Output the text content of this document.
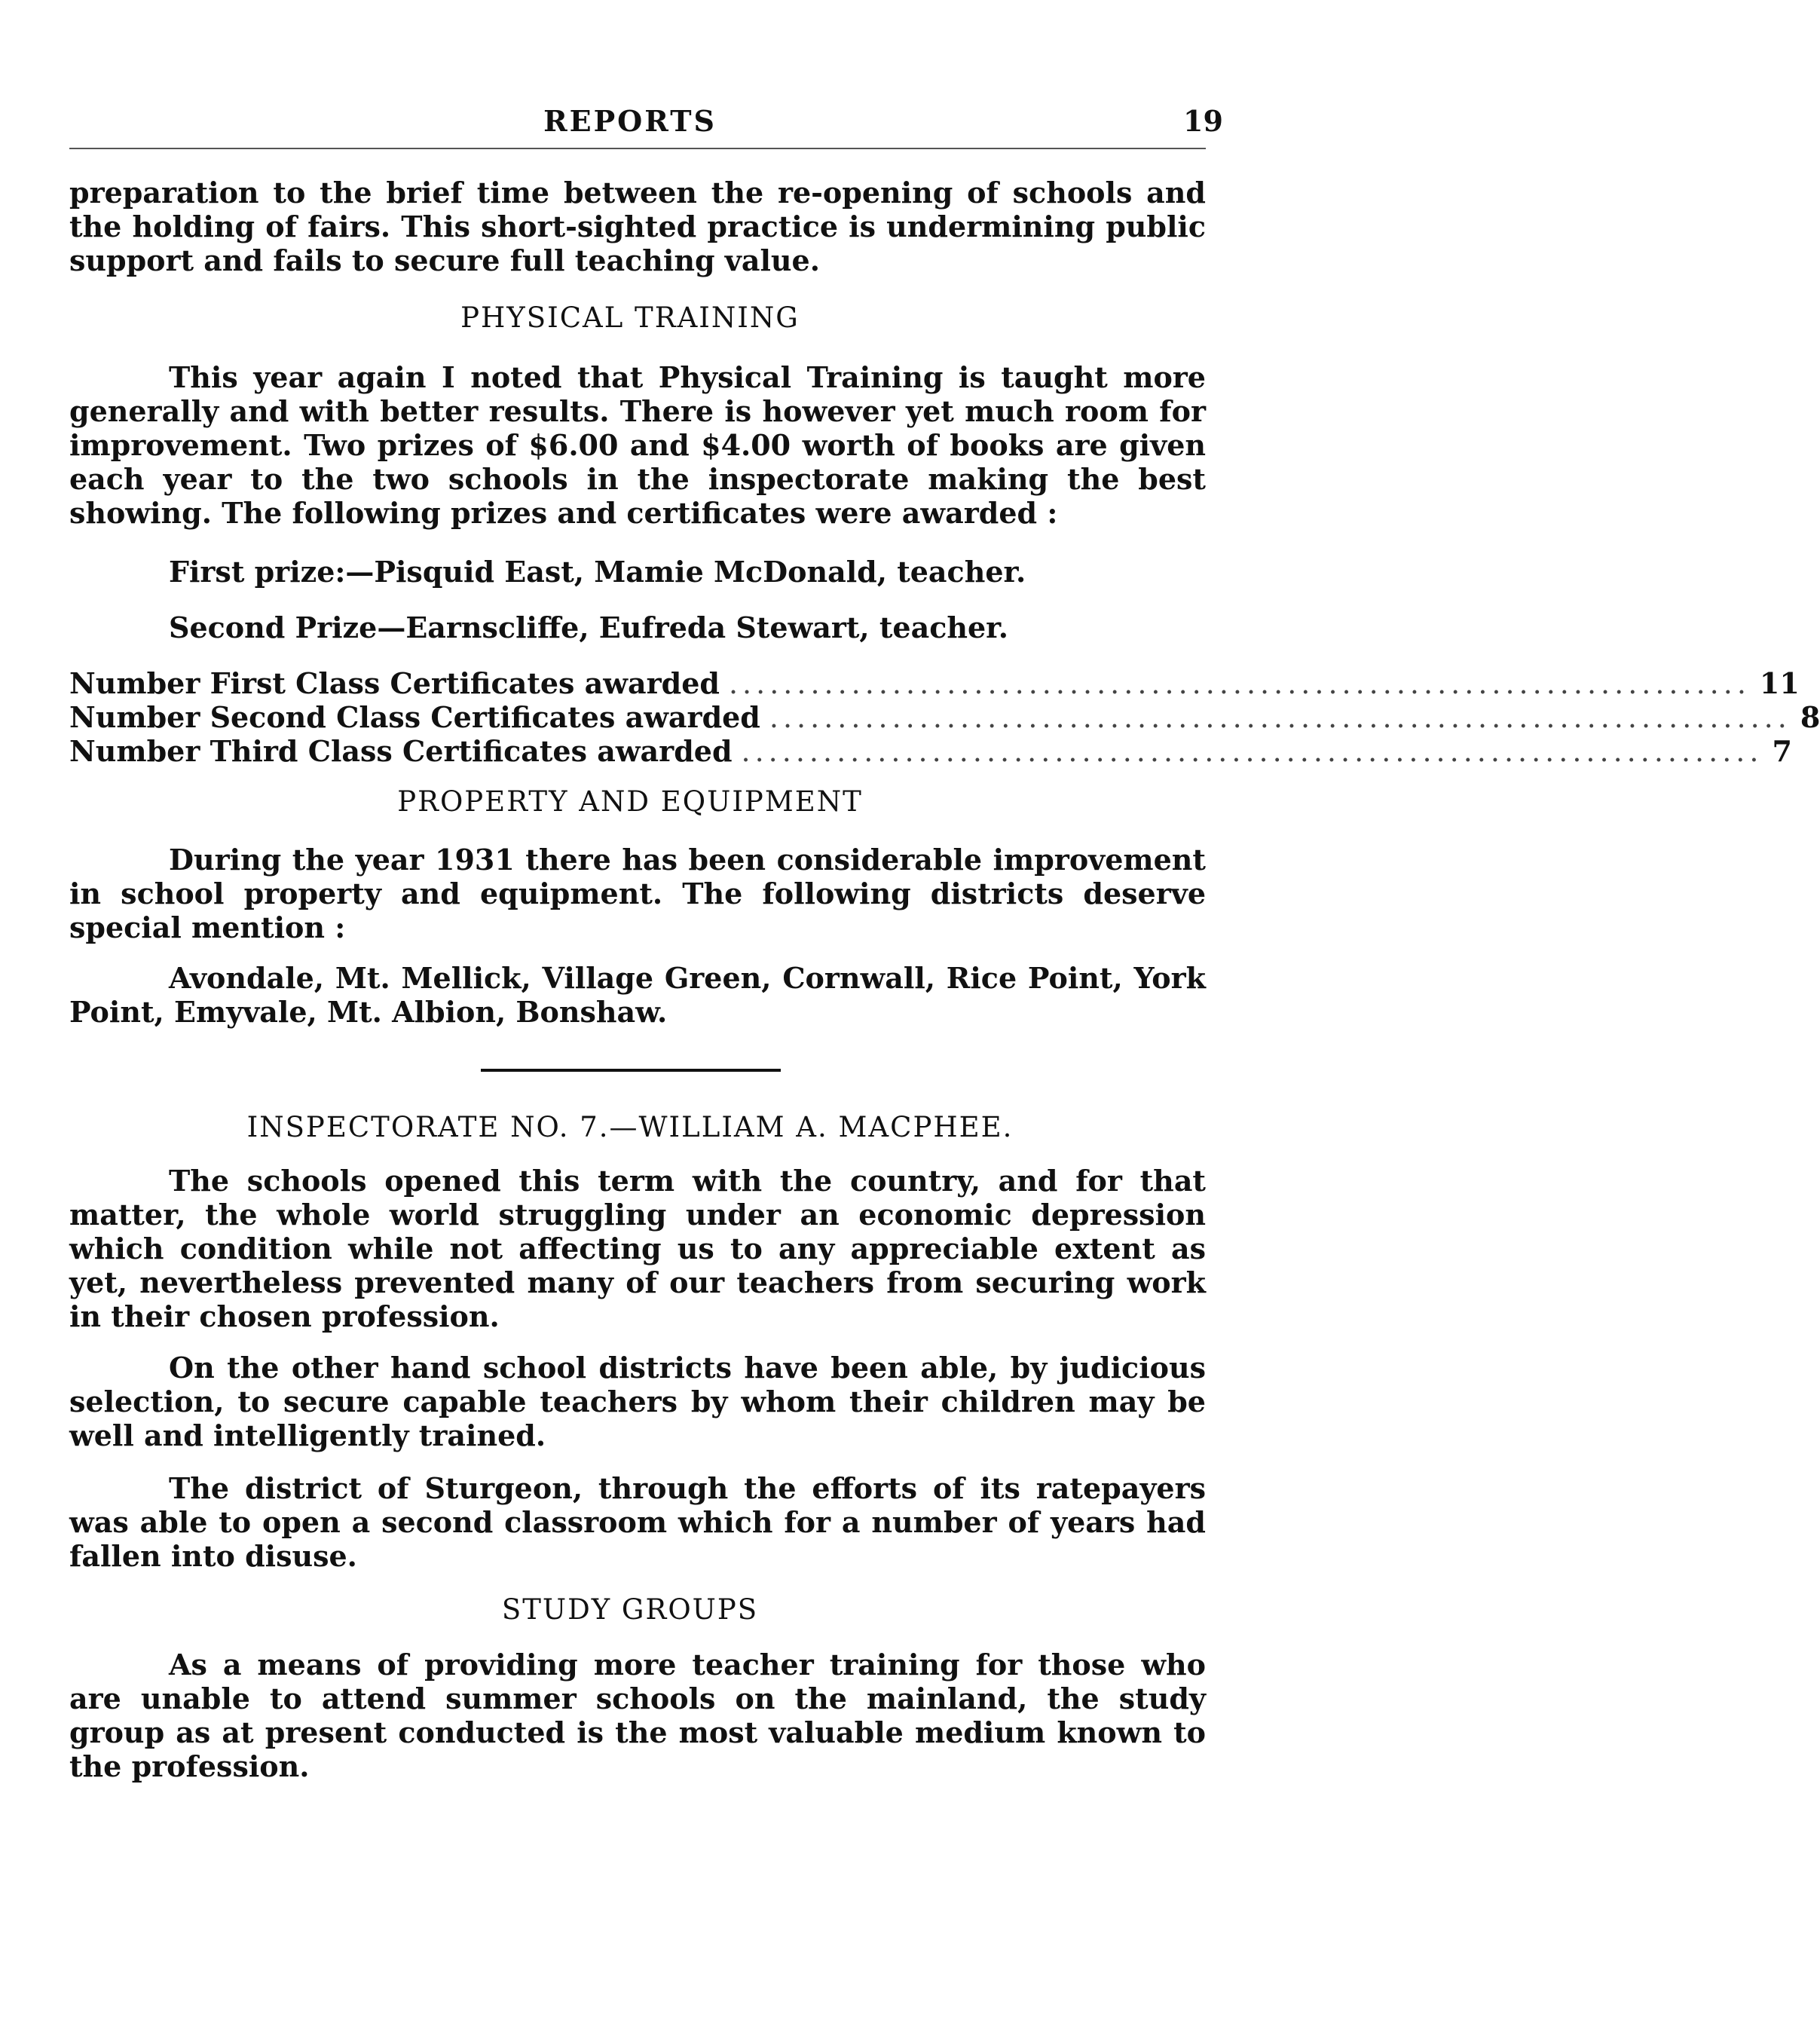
REPORTS	19

preparation to the brief time between the re-opening of schools and the holding of fairs. This short-sighted practice is undermining public support and fails to secure full teaching value.

PHYSICAL TRAINING

This year again I noted that Physical Training is taught more generally and with better results. There is however yet much room for improvement. Two prizes of $6.00 and $4.00 worth of books are given each year to the two schools in the inspectorate making the best showing. The following prizes and certificates were awarded :

First prize:—Pisquid East, Mamie McDonald, teacher.

Second Prize—Earnscliffe, Eufreda Stewart, teacher.

Number First Class Certificates awarded ........................................................................... 11
Number Second Class Certificates awarded ........................................................................... 8
Number Third Class Certificates awarded ........................................................................... 7
PROPERTY AND EQUIPMENT

During the year 1931 there has been considerable improvement in school property and equipment. The following districts deserve special mention :

Avondale, Mt. Mellick, Village Green, Cornwall, Rice Point, York Point, Emyvale, Mt. Albion, Bonshaw.

INSPECTORATE NO. 7.—WILLIAM A. MACPHEE.

The schools opened this term with the country, and for that matter, the whole world struggling under an economic depression which condition while not affecting us to any appreciable extent as yet, nevertheless prevented many of our teachers from securing work in their chosen profession.

On the other hand school districts have been able, by judicious selection, to secure capable teachers by whom their children may be well and intelligently trained.

The district of Sturgeon, through the efforts of its ratepayers was able to open a second classroom which for a number of years had fallen into disuse.

STUDY GROUPS

As a means of providing more teacher training for those who are unable to attend summer schools on the mainland, the study group as at present conducted is the most valuable medium known to the profession.
